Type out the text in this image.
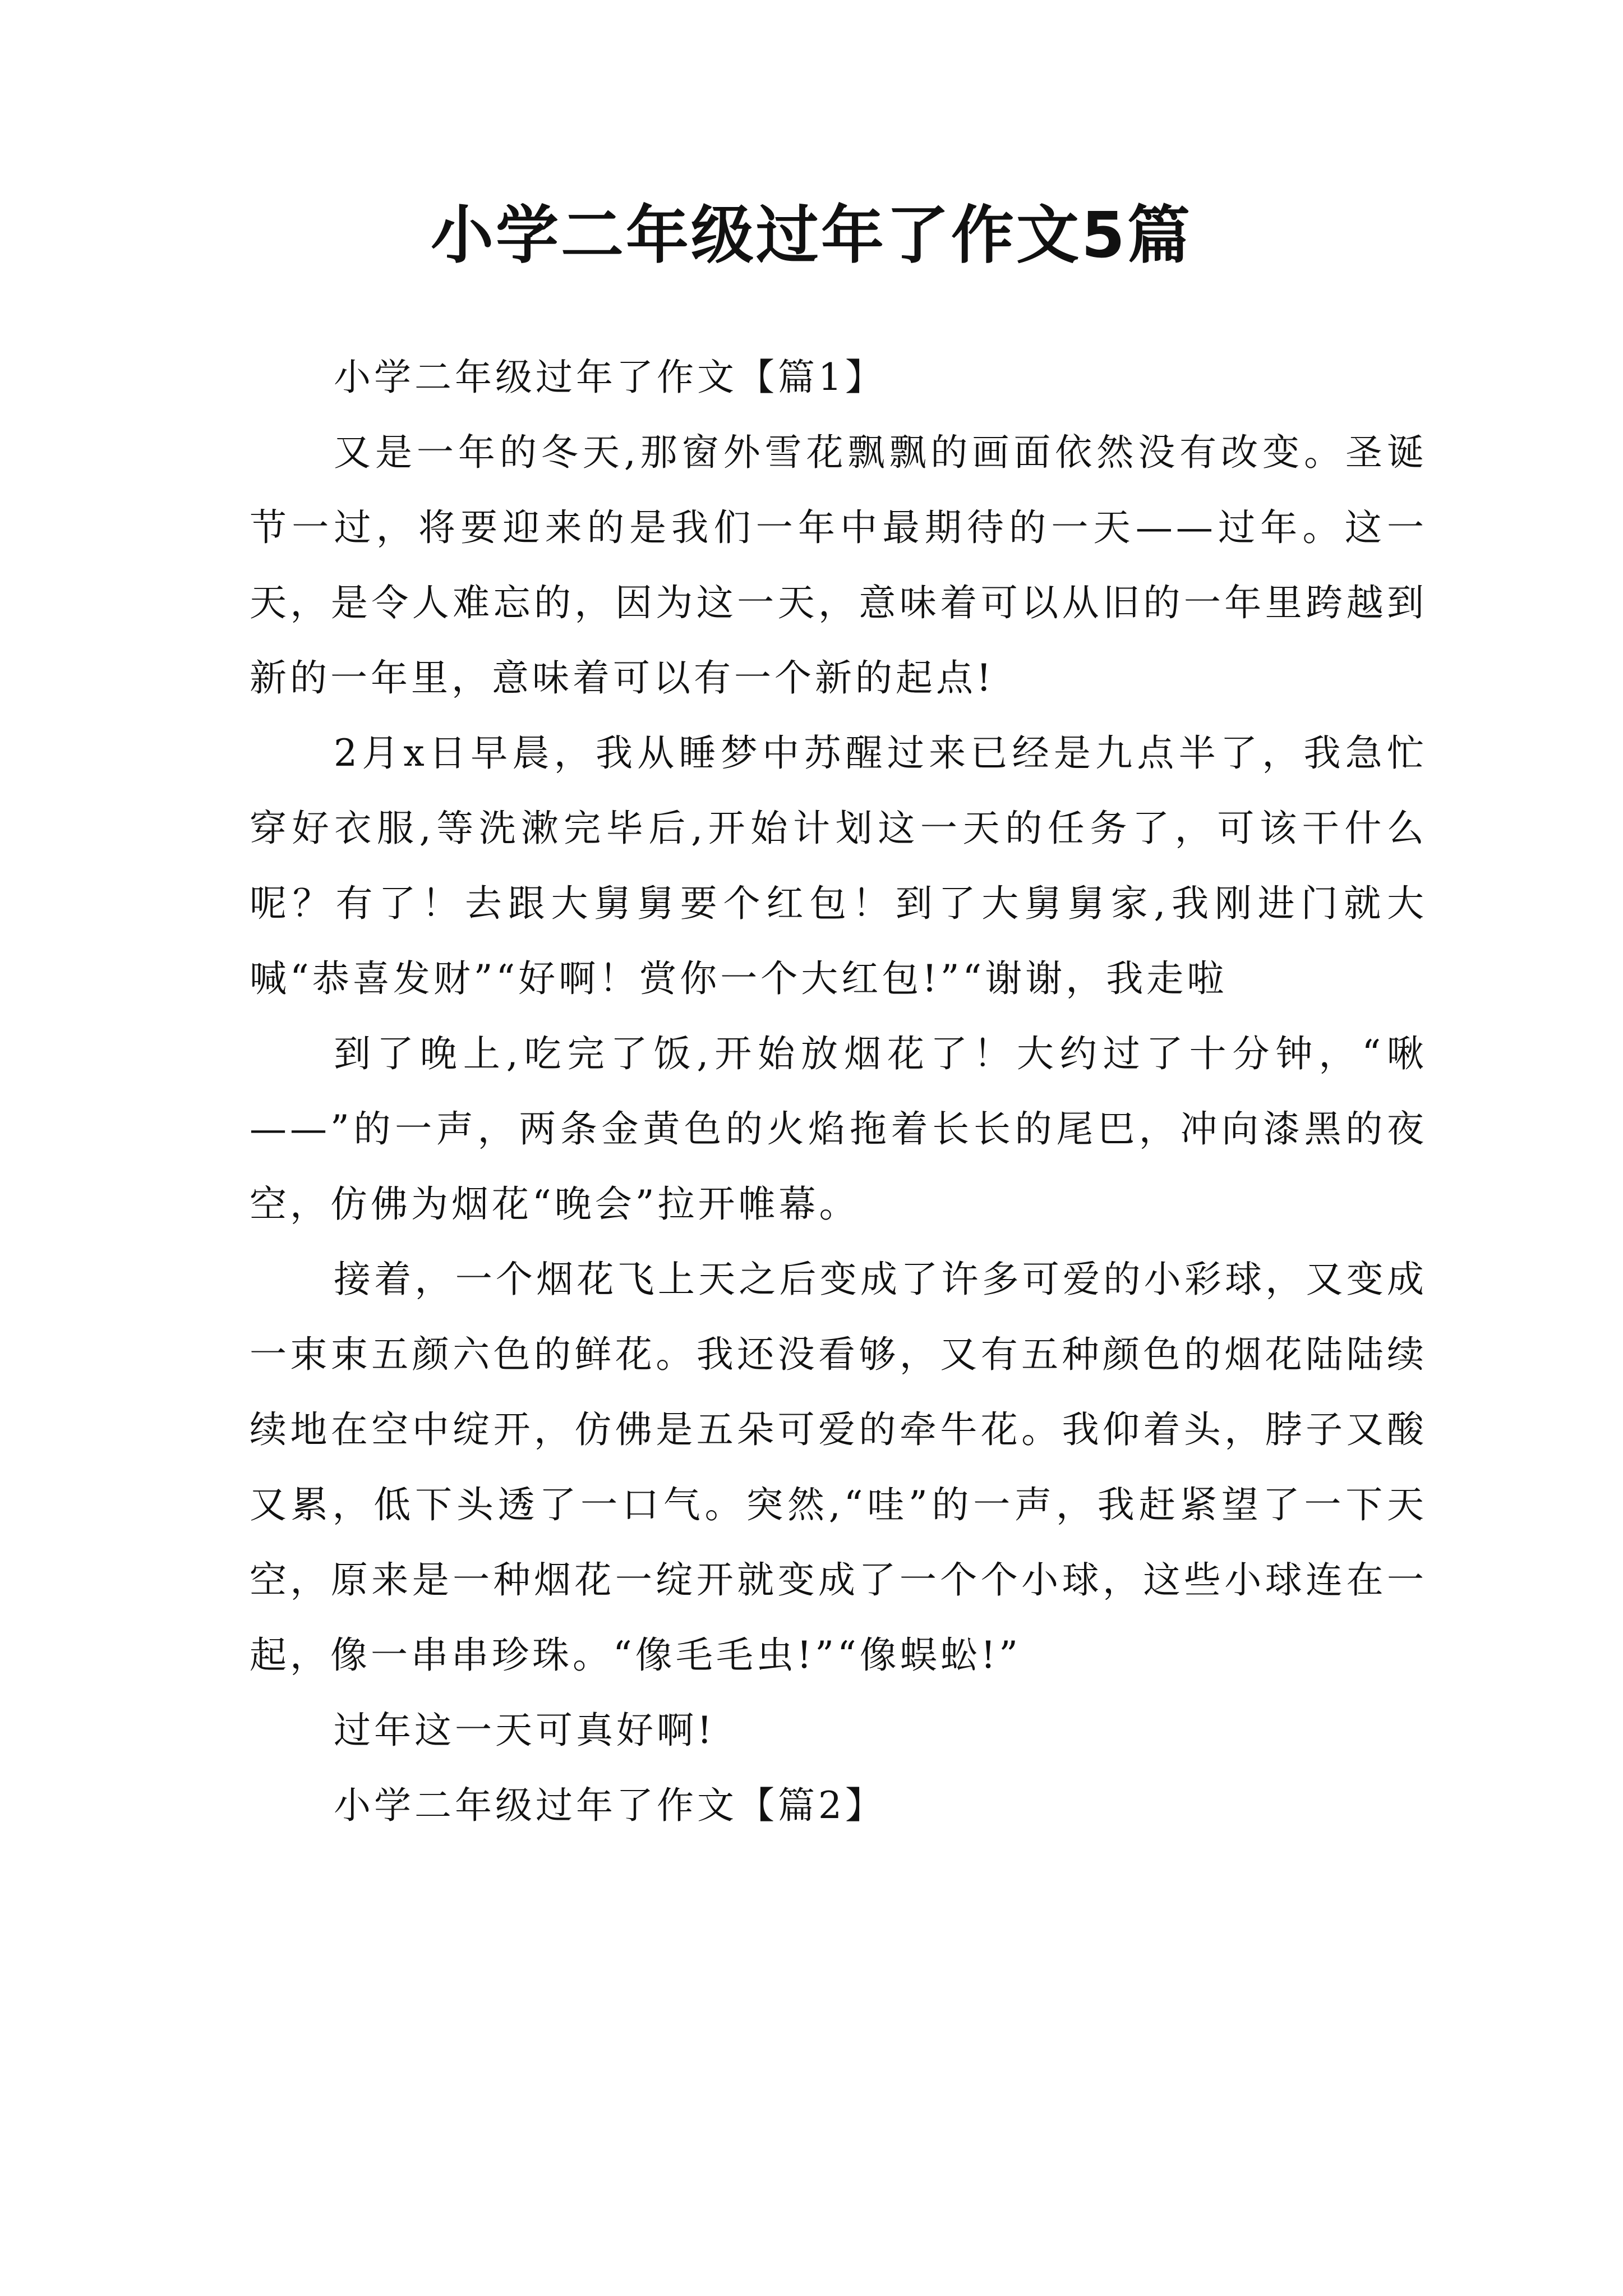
小学二年级过年了作文5篇

小学二年级过年了作文【篇1】

又是一年的冬天,那窗外雪花飘飘的画面依然没有改变。圣诞节一过，将要迎来的是我们一年中最期待的一天——过年。这一天，是令人难忘的，因为这一天，意味着可以从旧的一年里跨越到新的一年里，意味着可以有一个新的起点!

2月x日早晨，我从睡梦中苏醒过来已经是九点半了，我急忙穿好衣服,等洗漱完毕后,开始计划这一天的任务了，可该干什么呢？有了！去跟大舅舅要个红包！到了大舅舅家,我刚进门就大喊“恭喜发财”“好啊！赏你一个大红包!”“谢谢，我走啦

到了晚上,吃完了饭,开始放烟花了！大约过了十分钟，“啾——”的一声，两条金黄色的火焰拖着长长的尾巴，冲向漆黑的夜空，仿佛为烟花“晚会”拉开帷幕。

接着，一个烟花飞上天之后变成了许多可爱的小彩球，又变成一束束五颜六色的鲜花。我还没看够，又有五种颜色的烟花陆陆续续地在空中绽开，仿佛是五朵可爱的牵牛花。我仰着头，脖子又酸又累，低下头透了一口气。突然,“哇”的一声，我赶紧望了一下天空，原来是一种烟花一绽开就变成了一个个小球，这些小球连在一起，像一串串珍珠。“像毛毛虫!”“像蜈蚣!”

过年这一天可真好啊!

小学二年级过年了作文【篇2】
